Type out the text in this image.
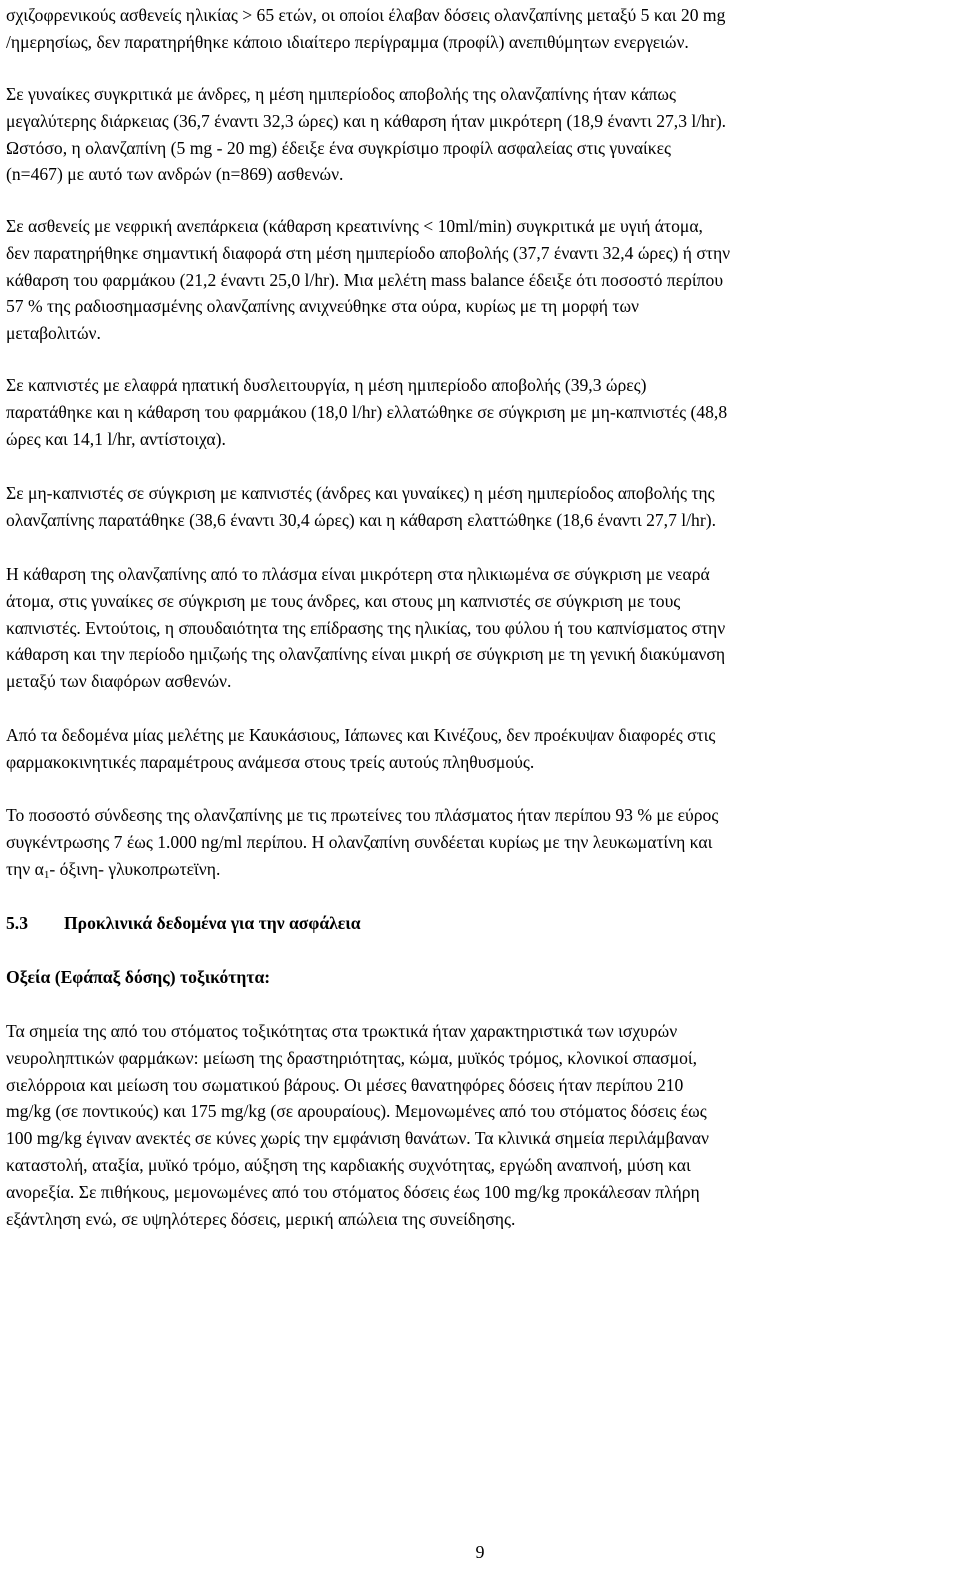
σχιζοφρενικούς ασθενείς ηλικίας > 65 ετών, οι οποίοι έλαβαν δόσεις ολανζαπίνης μεταξύ 5 και 20 mg

/ημερησίως, δεν παρατηρήθηκε κάποιο ιδιαίτερο περίγραμμα (προφίλ) ανεπιθύμητων ενεργειών.

Σε γυναίκες συγκριτικά με άνδρες, η μέση ημιπερίοδος αποβολής της ολανζαπίνης ήταν κάπως

μεγαλύτερης διάρκειας (36,7 έναντι 32,3 ώρες) και η κάθαρση ήταν μικρότερη (18,9 έναντι 27,3 l/hr).

Ωστόσο, η ολανζαπίνη (5 mg - 20 mg) έδειξε ένα συγκρίσιμο προφίλ ασφαλείας στις γυναίκες

(n=467) με αυτό των ανδρών (n=869) ασθενών.

Σε ασθενείς με νεφρική ανεπάρκεια (κάθαρση κρεατινίνης < 10ml/min) συγκριτικά με υγιή άτομα,

δεν παρατηρήθηκε σημαντική διαφορά στη μέση ημιπερίοδο αποβολής (37,7 έναντι 32,4 ώρες) ή στην

κάθαρση του φαρμάκου (21,2 έναντι 25,0 l/hr). Μια μελέτη mass balance έδειξε ότι ποσοστό περίπου

57 % της ραδιοσημασμένης ολανζαπίνης ανιχνεύθηκε στα ούρα, κυρίως με τη μορφή των

μεταβολιτών.

Σε καπνιστές με ελαφρά ηπατική δυσλειτουργία, η μέση ημιπερίοδο αποβολής (39,3 ώρες)

παρατάθηκε και η κάθαρση του φαρμάκου (18,0 l/hr) ελλατώθηκε σε σύγκριση με μη-καπνιστές (48,8

ώρες και 14,1 l/hr, αντίστοιχα).

Σε μη-καπνιστές σε σύγκριση με καπνιστές (άνδρες και γυναίκες) η μέση ημιπερίοδος αποβολής της

ολανζαπίνης παρατάθηκε (38,6 έναντι 30,4 ώρες) και η κάθαρση ελαττώθηκε (18,6 έναντι 27,7 l/hr).

Η κάθαρση της ολανζαπίνης από το πλάσμα είναι μικρότερη στα ηλικιωμένα σε σύγκριση με νεαρά

άτομα, στις γυναίκες σε σύγκριση με τους άνδρες, και στους μη καπνιστές σε σύγκριση με τους

καπνιστές. Εντούτοις, η σπουδαιότητα της επίδρασης της ηλικίας, του φύλου ή του καπνίσματος στην

κάθαρση και την περίοδο ημιζωής της ολανζαπίνης είναι μικρή σε σύγκριση με τη γενική διακύμανση

μεταξύ των διαφόρων ασθενών.

Από τα δεδομένα μίας μελέτης με Καυκάσιους, Ιάπωνες και Κινέζους, δεν προέκυψαν διαφορές στις

φαρμακοκινητικές παραμέτρους ανάμεσα στους τρείς αυτούς πληθυσμούς.

Το ποσοστό σύνδεσης της ολανζαπίνης με τις πρωτείνες του πλάσματος ήταν περίπου 93 % με εύρος

συγκέντρωσης 7 έως 1.000 ng/ml περίπου. Η ολανζαπίνη συνδέεται κυρίως με την λευκωματίνη και

την $\alpha_1-$ όξινη- γλυκοπρωτεϊνη.

5.3 Προκλινικά δεδομένα για την ασφάλεια

Οξεία (Εφάπαξ δόσης) τοξικότητα:

Τα σημεία της από του στόματος τοξικότητας στα τρωκτικά ήταν χαρακτηριστικά των ισχυρών

νευροληπτικών φαρμάκων: μείωση της δραστηριότητας, κώμα, μυϊκός τρόμος, κλονικοί σπασμοί,

σιελόρροια και μείωση του σωματικού βάρους. Οι μέσες θανατηφόρες δόσεις ήταν περίπου 210

mg/kg (σε ποντικούς) και 175 mg/kg (σε αρουραίους). Μεμονωμένες από του στόματος δόσεις έως

100 mg/kg έγιναν ανεκτές σε κύνες χωρίς την εμφάνιση θανάτων. Τα κλινικά σημεία περιλάμβαναν

καταστολή, αταξία, μυϊκό τρόμο, αύξηση της καρδιακής συχνότητας, εργώδη αναπνοή, μύση και

ανορεξία. Σε πιθήκους, μεμονωμένες από του στόματος δόσεις έως 100 mg/kg προκάλεσαν πλήρη

εξάντληση ενώ, σε υψηλότερες δόσεις, μερική απώλεια της συνείδησης.

9
